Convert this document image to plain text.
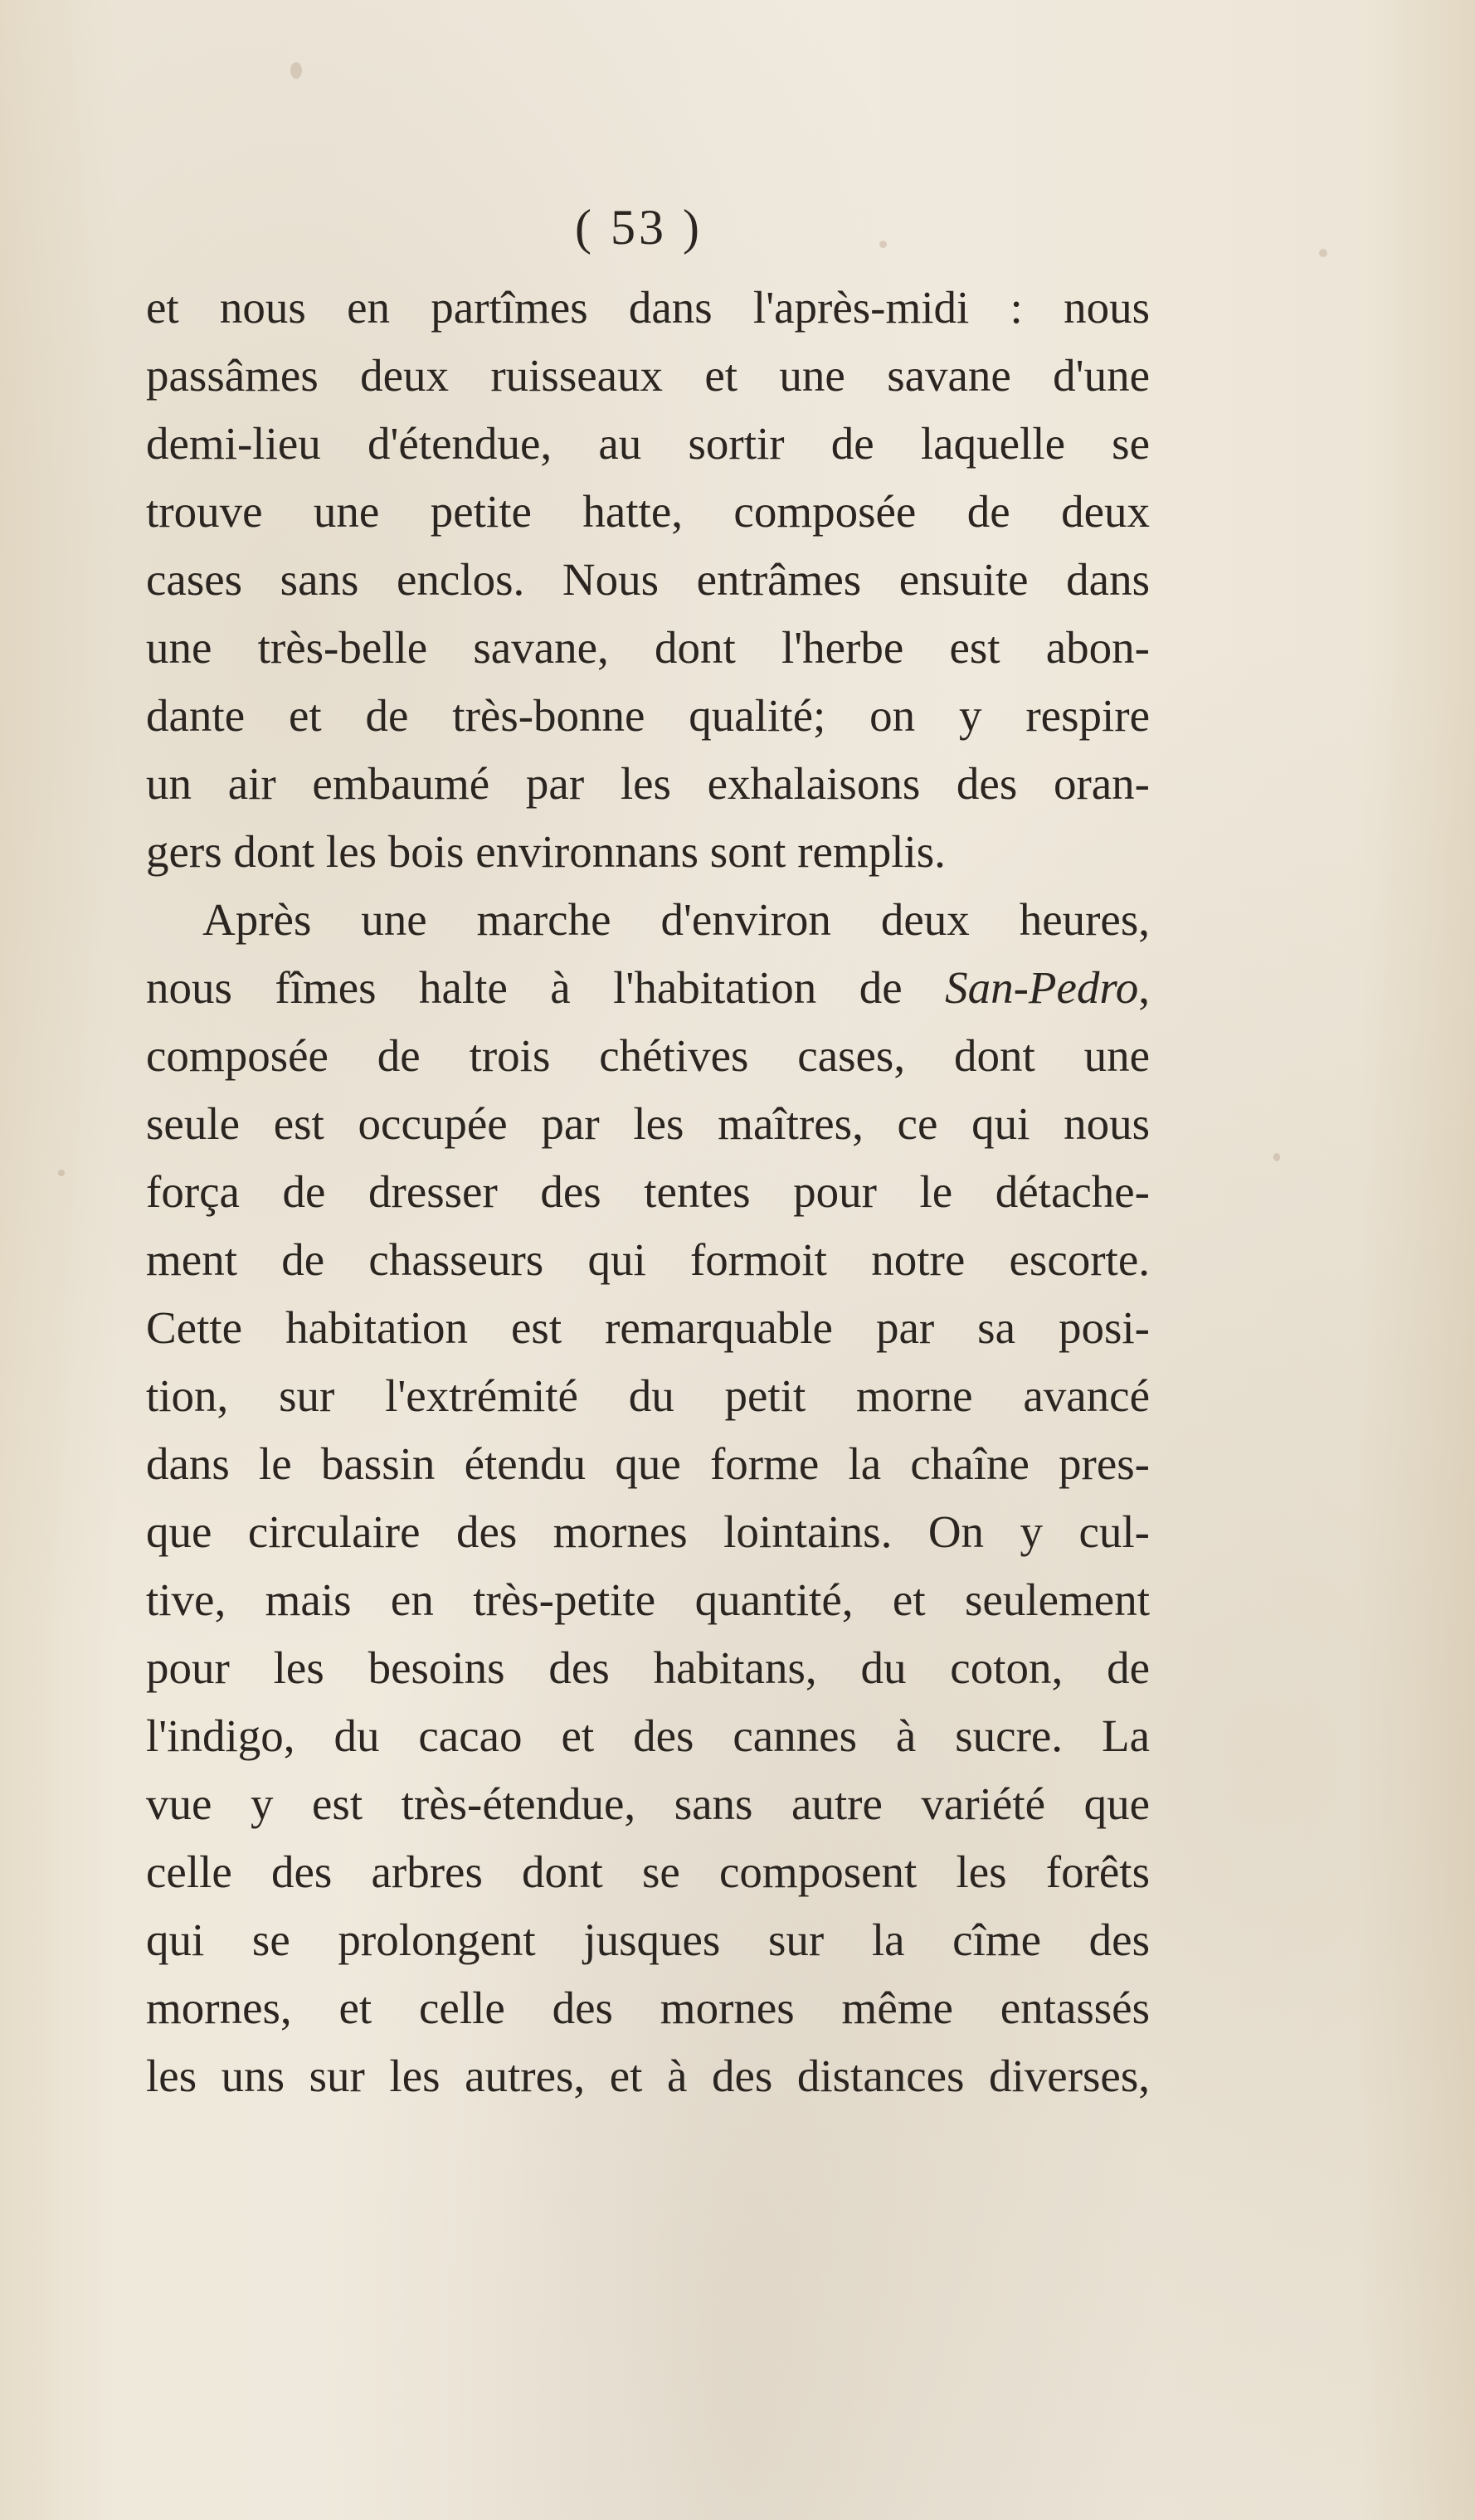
( 53 )
et nous en partîmes dans l'après-midi : nous
passâmes deux ruisseaux et une savane d'une
demi-lieu d'étendue, au sortir de laquelle se
trouve une petite hatte, composée de deux
cases sans enclos. Nous entrâmes ensuite dans
une très-belle savane, dont l'herbe est abon-
dante et de très-bonne qualité; on y respire
un air embaumé par les exhalaisons des oran-
gers dont les bois environnans sont remplis.
Après une marche d'environ deux heures,
nous fîmes halte à l'habitation de San-Pedro,
composée de trois chétives cases, dont une
seule est occupée par les maîtres, ce qui nous
força de dresser des tentes pour le détache-
ment de chasseurs qui formoit notre escorte.
Cette habitation est remarquable par sa posi-
tion, sur l'extrémité du petit morne avancé
dans le bassin étendu que forme la chaîne pres-
que circulaire des mornes lointains. On y cul-
tive, mais en très-petite quantité, et seulement
pour les besoins des habitans, du coton, de
l'indigo, du cacao et des cannes à sucre. La
vue y est très-étendue, sans autre variété que
celle des arbres dont se composent les forêts
qui se prolongent jusques sur la cîme des
mornes, et celle des mornes même entassés
les uns sur les autres, et à des distances diverses,
